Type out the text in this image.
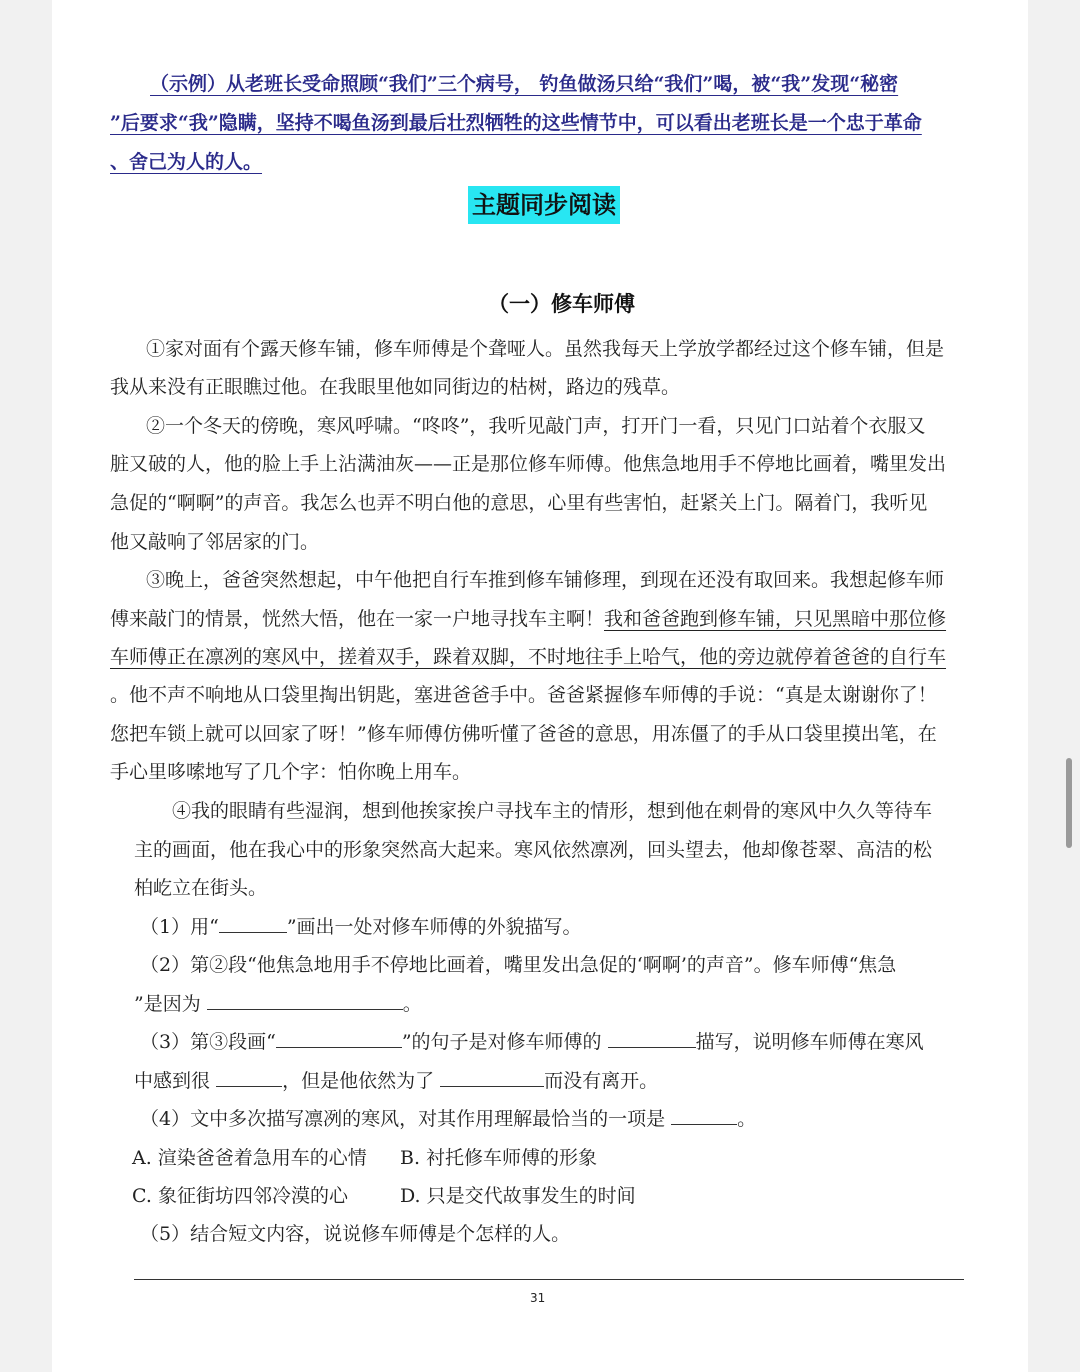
（示例）从老班长受命照顾“我们”三个病号， 钓鱼做汤只给“我们”喝，被“我”发现“秘密
”后要求“我”隐瞒，坚持不喝鱼汤到最后壮烈牺牲的这些情节中，可以看出老班长是一个忠于革命
、舍己为人的人。
主题同步阅读
（一）修车师傅
①家对面有个露天修车铺，修车师傅是个聋哑人。虽然我每天上学放学都经过这个修车铺，但是
我从来没有正眼瞧过他。在我眼里他如同街边的枯树，路边的残草。
②一个冬天的傍晚，寒风呼啸。“咚咚”，我听见敲门声，打开门一看，只见门口站着个衣服又
脏又破的人，他的脸上手上沾满油灰——正是那位修车师傅。他焦急地用手不停地比画着，嘴里发出
急促的“啊啊”的声音。我怎么也弄不明白他的意思，心里有些害怕，赶紧关上门。隔着门，我听见
他又敲响了邻居家的门。
③晚上，爸爸突然想起，中午他把自行车推到修车铺修理，到现在还没有取回来。我想起修车师
傅来敲门的情景，恍然大悟，他在一家一户地寻找车主啊！我和爸爸跑到修车铺，只见黑暗中那位修
车师傅正在凛冽的寒风中，搓着双手，跺着双脚，不时地往手上哈气，他的旁边就停着爸爸的自行车
。他不声不响地从口袋里掏出钥匙，塞进爸爸手中。爸爸紧握修车师傅的手说：“真是太谢谢你了！
您把车锁上就可以回家了呀！”修车师傅仿佛听懂了爸爸的意思，用冻僵了的手从口袋里摸出笔，在
手心里哆嗦地写了几个字：怕你晚上用车。
④我的眼睛有些湿润，想到他挨家挨户寻找车主的情形，想到他在刺骨的寒风中久久等待车
主的画面，他在我心中的形象突然高大起来。寒风依然凛冽，回头望去，他却像苍翠、高洁的松
柏屹立在街头。
（1）用“	”画出一处对修车师傅的外貌描写。
（2）第②段“他焦急地用手不停地比画着，嘴里发出急促的‘啊啊’的声音”。修车师傅“焦急
”是因为	。
（3）第③段画“	”的句子是对修车师傅的	描写，说明修车师傅在寒风
中感到很	，但是他依然为了	而没有离开。
（4）文中多次描写凛冽的寒风，对其作用理解最恰当的一项是	。
A. 渲染爸爸着急用车的心情 B. 衬托修车师傅的形象
C. 象征街坊四邻冷漠的心	D. 只是交代故事发生的时间
（5）结合短文内容，说说修车师傅是个怎样的人。
31
